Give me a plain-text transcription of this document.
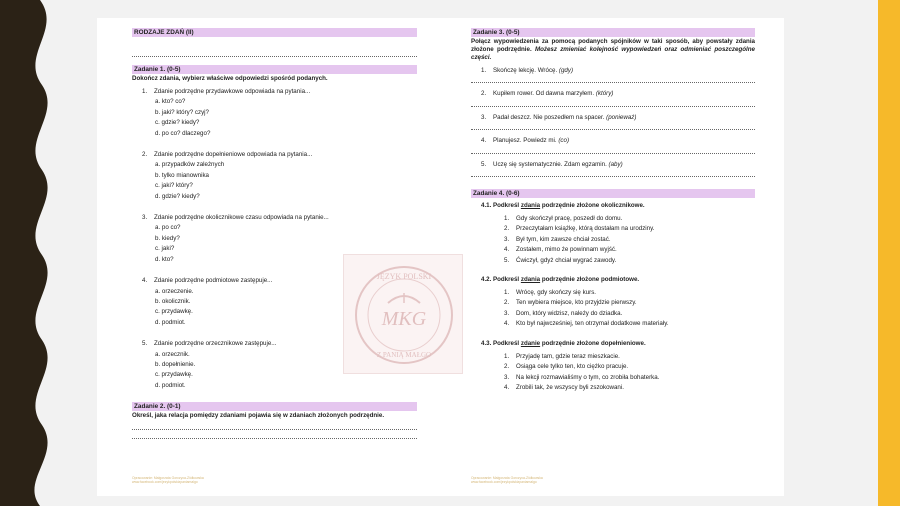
RODZAJE ZDAŃ (II)
Zadanie 1. (0-5)
Dokończ zdania, wybierz właściwe odpowiedzi spośród podanych.
1. Zdanie podrzędne przydawkowe odpowiada na pytania...
a. kto? co?
b. jaki? który? czyj?
c. gdzie? kiedy?
d. po co? dlaczego?
2. Zdanie podrzędne dopełnieniowe odpowiada na pytania...
a. przypadków zależnych
b. tylko mianownika
c. jaki? który?
d. gdzie? kiedy?
3. Zdanie podrzędne okolicznikowe czasu odpowiada na pytanie...
a. po co?
b. kiedy?
c. jaki?
d. kto?
4. Zdanie podrzędne podmiotowe zastępuje...
a. orzeczenie.
b. okolicznik.
c. przydawkę.
d. podmiot.
5. Zdanie podrzędne orzecznikowe zastępuje...
a. orzecznik.
b. dopełnienie.
c. przydawkę.
d. podmiot.
Zadanie 2. (0-1)
Określ, jaka relacja pomiędzy zdaniami pojawia się w zdaniach złożonych podrzędnie.
Zadanie 3. (0-5)
Połącz wypowiedzenia za pomocą podanych spójników w taki sposób, aby powstały zdania złożone podrzędnie. Możesz zmieniać kolejność wypowiedzeń oraz odmieniać poszczególne części.
1. Skończę lekcję. Wrócę. (gdy)
2. Kupiłem rower. Od dawna marzyłem. (który)
3. Padał deszcz. Nie poszedłem na spacer. (ponieważ)
4. Planujesz. Powiedz mi. (co)
5. Uczę się systematycznie. Zdam egzamin. (aby)
Zadanie 4. (0-6)
4.1. Podkreśl zdania podrzędnie złożone okolicznikowe.
1. Gdy skończył pracę, poszedł do domu.
2. Przeczytałam książkę, którą dostałam na urodziny.
3. Był tym, kim zawsze chciał zostać.
4. Zostałem, mimo że powinnam wyjść.
5. Ćwiczył, gdyż chciał wygrać zawody.
4.2. Podkreśl zdania podrzędnie złożone podmiotowe.
1. Wrócę, gdy skończy się kurs.
2. Ten wybiera miejsce, kto przyjdzie pierwszy.
3. Dom, który widzisz, należy do dziadka.
4. Kto był najwcześniej, ten otrzymał dodatkowe materiały.
4.3. Podkreśl zdanie podrzędnie złożone dopełnieniowe.
1. Przyjadę tam, gdzie teraz mieszkacie.
2. Osiąga cele tylko ten, kto ciężko pracuje.
3. Na lekcji rozmawialiśmy o tym, co zrobiła bohaterka.
4. Zrobili tak, że wszyscy byli zszokowani.
JĘZYK POLSKI
MKG
Z PANIĄ MAŁGO
Opracowanie: Małgorzata Gorczyca-Ziółkowska
www.facebook.com/jezykpolskizpaniamalgo
Opracowanie: Małgorzata Gorczyca-Ziółkowska
www.facebook.com/jezykpolskizpaniamalgo
